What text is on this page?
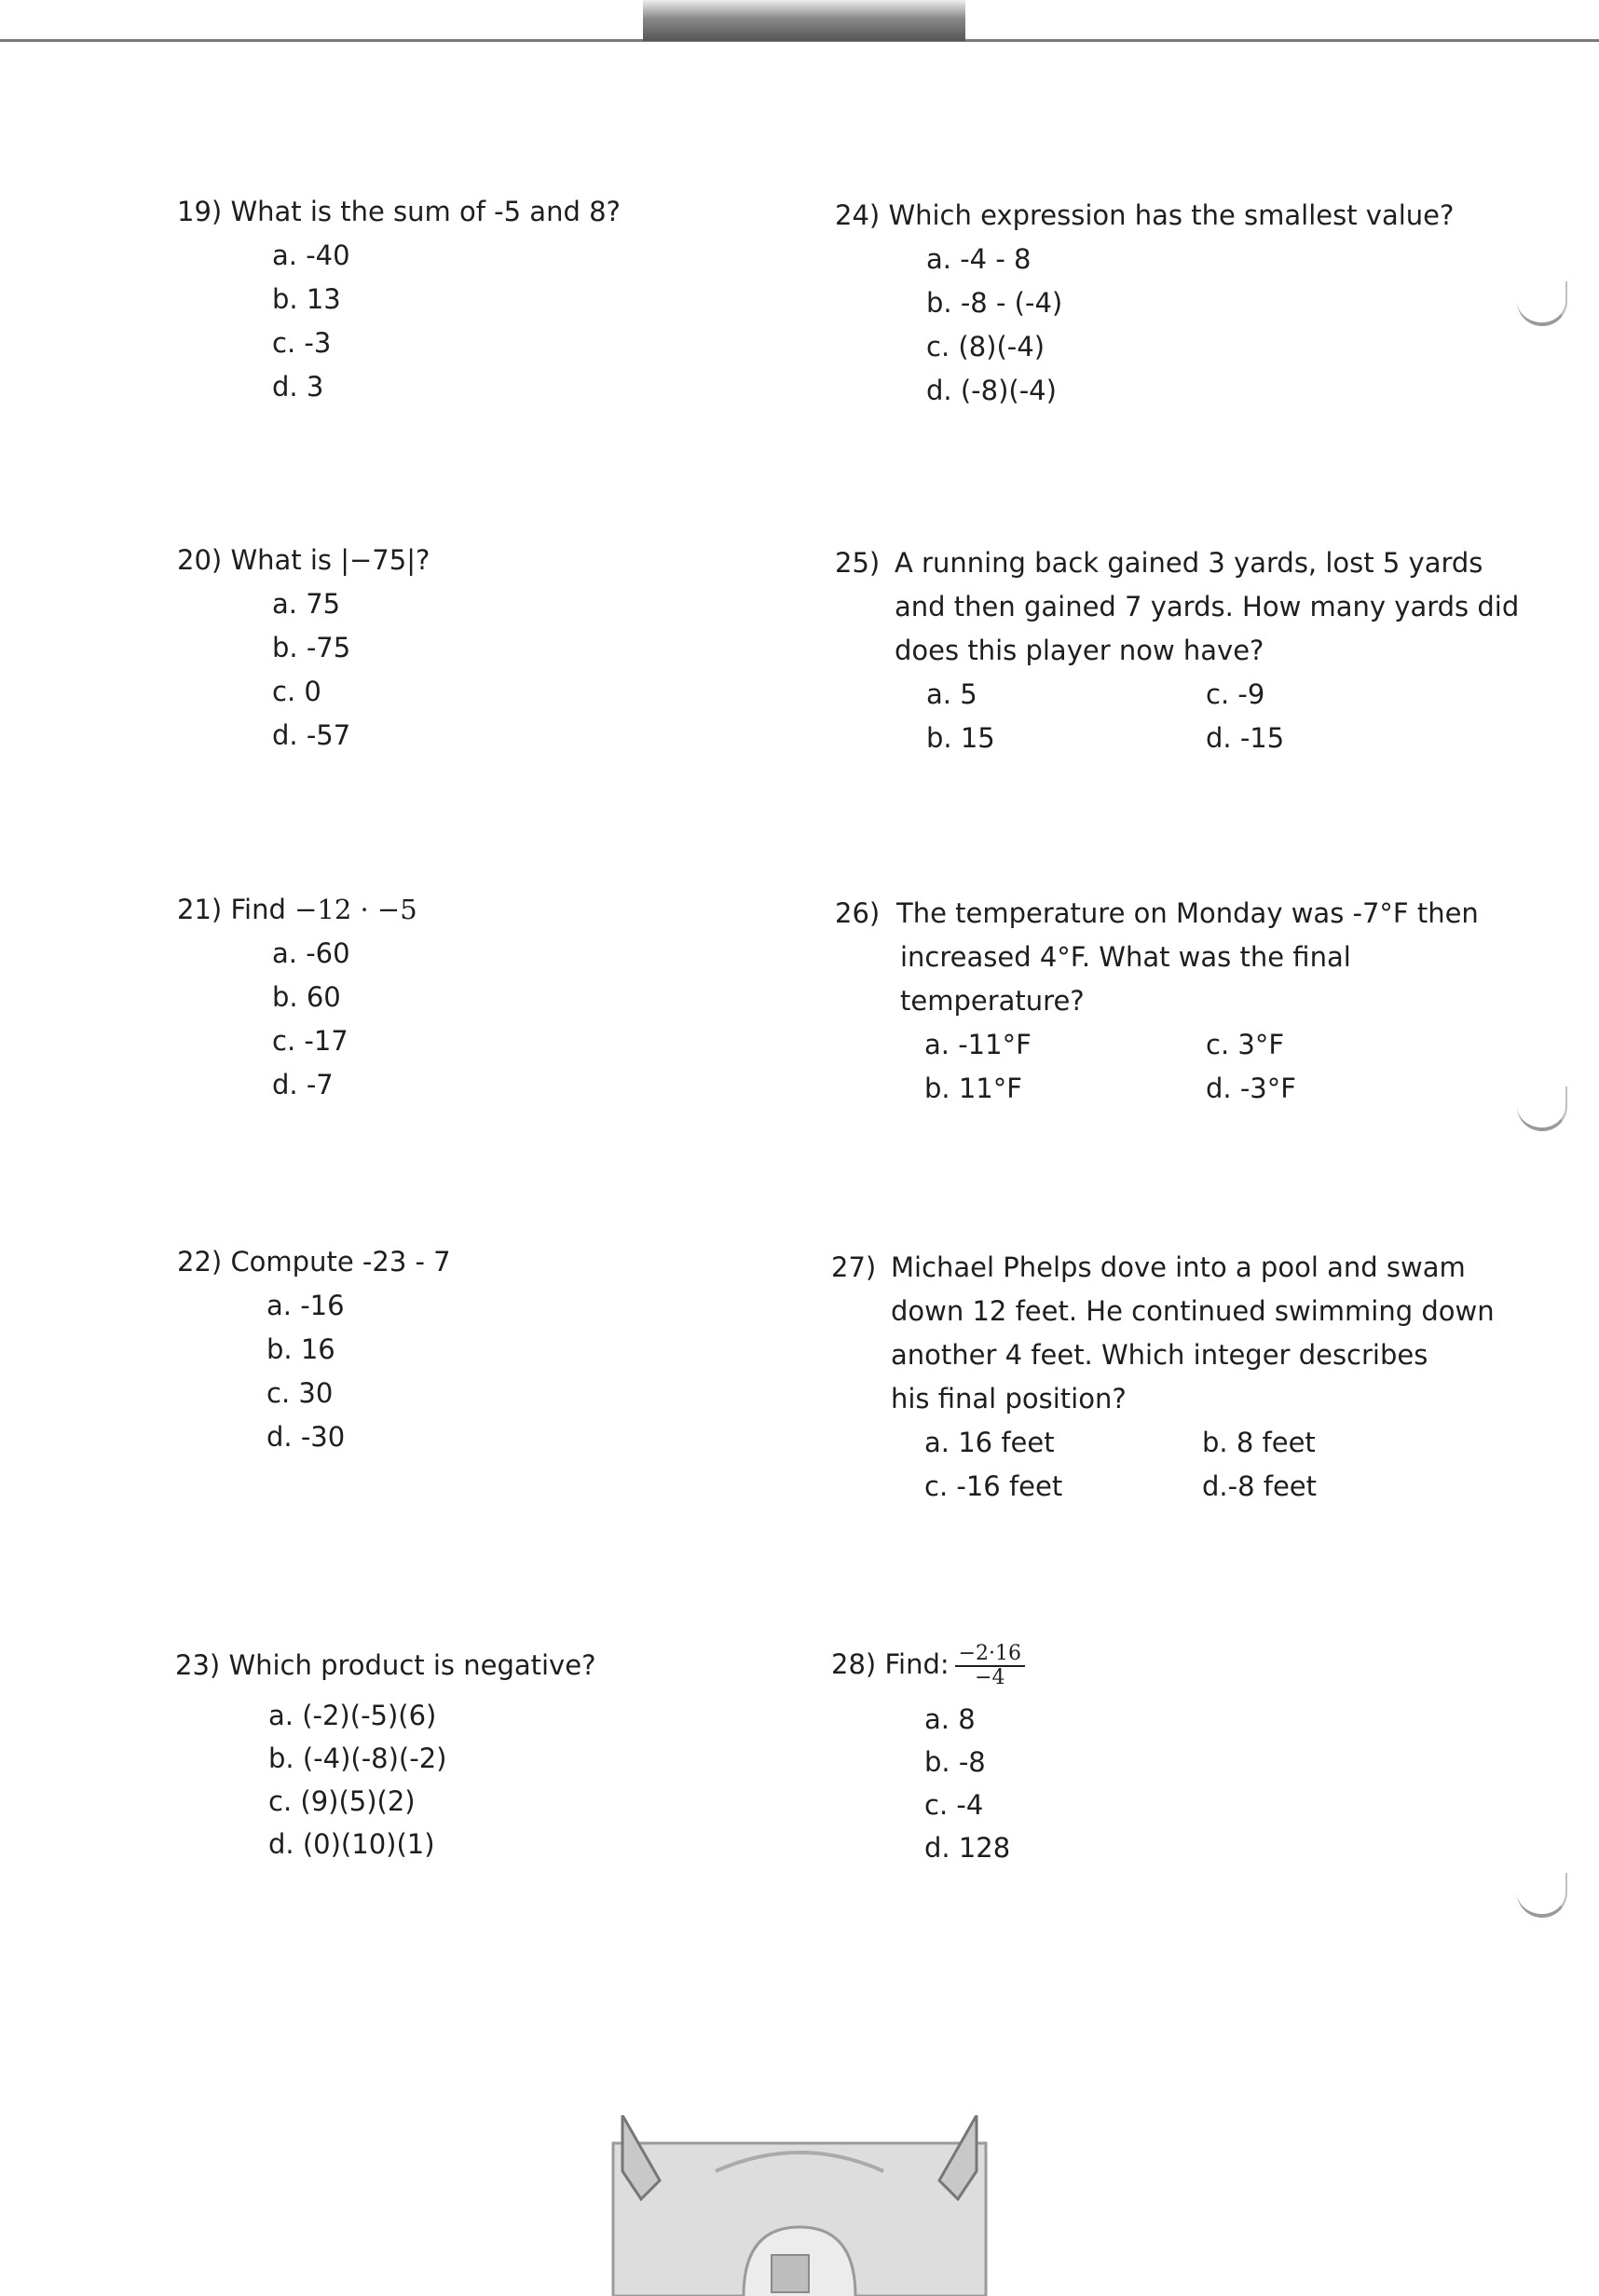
19) What is the sum of -5 and 8?
a. -40
b. 13
c. -3
d. 3
20) What is |−75|?
a. 75
b. -75
c. 0
d. -57
21) Find −12 · −5
a. -60
b. 60
c. -17
d. -7
22) Compute -23 - 7
a. -16
b. 16
c. 30
d. -30
23) Which product is negative?
a. (-2)(-5)(6)
b. (-4)(-8)(-2)
c. (9)(5)(2)
d. (0)(10)(1)
24) Which expression has the smallest value?
a. -4 - 8
b. -8 - (-4)
c. (8)(-4)
d. (-8)(-4)
25) A running back gained 3 yards, lost 5 yards
and then gained 7 yards. How many yards did
does this player now have?
a. 5
b. 15
c. -9
d. -15
26) The temperature on Monday was -7°F then
increased 4°F. What was the final
temperature?
a. -11°F
b. 11°F
c. 3°F
d. -3°F
27) Michael Phelps dove into a pool and swam
down 12 feet. He continued swimming down
another 4 feet. Which integer describes
his final position?
a. 16 feet
c. -16 feet
b. 8 feet
d.-8 feet
28) Find: $\frac{-2\cdot 16}{-4}$
a. 8
b. -8
c. -4
d. 128
